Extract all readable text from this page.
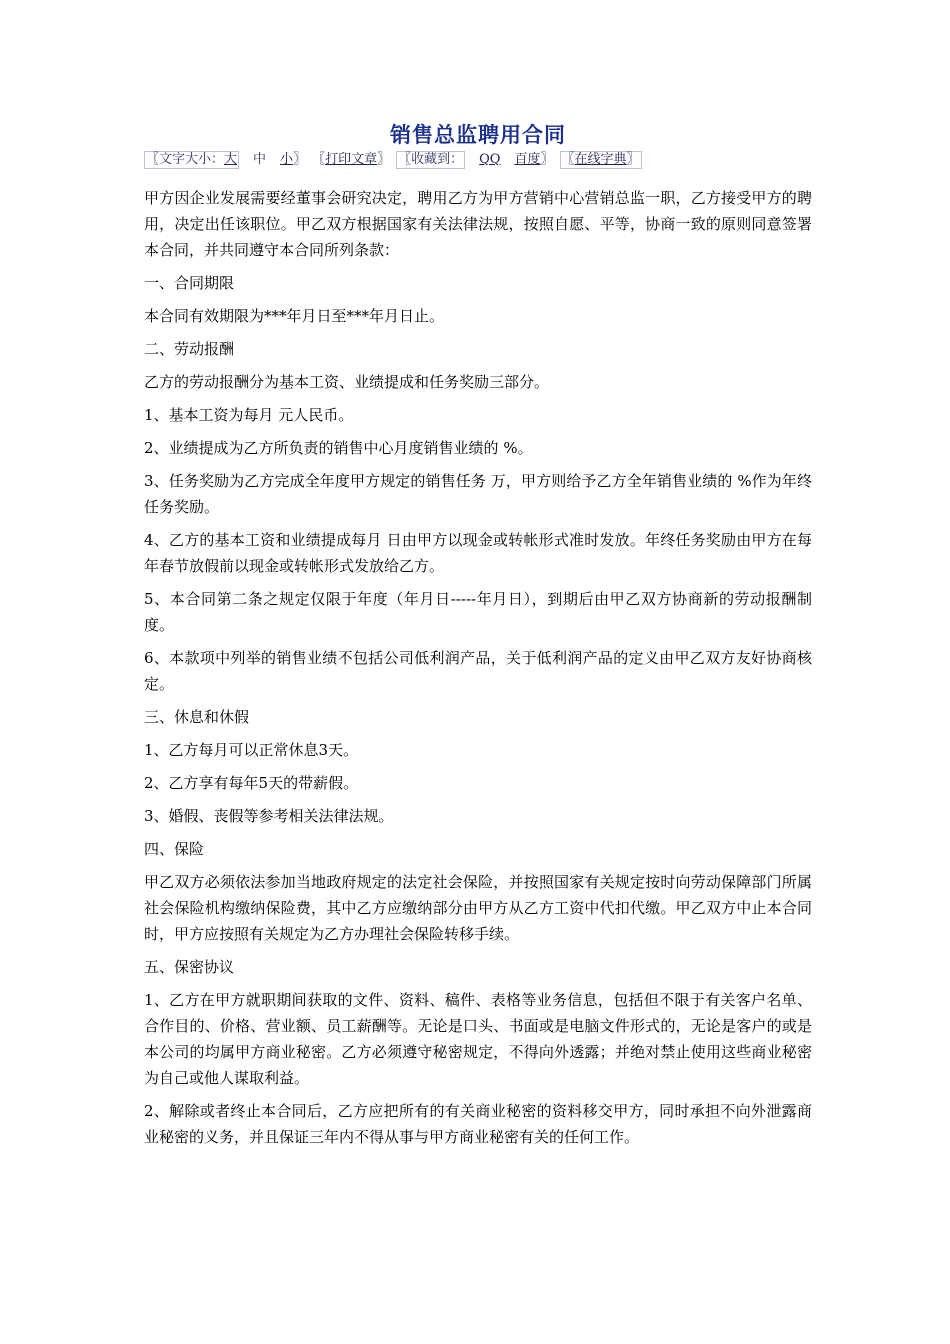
销售总监聘用合同
〖文字大小：大 中 小 〗 〖 打印文章 〗 〖收藏到： QQ 百度 〗 〖在线字典〗

甲方因企业发展需要经董事会研究决定，聘用乙方为甲方营销中心营销总监一职，乙方接受甲方的聘用，决定出任该职位。甲乙双方根据国家有关法律法规，按照自愿、平等，协商一致的原则同意签署本合同，并共同遵守本合同所列条款：

一、合同期限

本合同有效期限为***年月日至***年月日止。

二、劳动报酬

乙方的劳动报酬分为基本工资、业绩提成和任务奖励三部分。

1、基本工资为每月 元人民币。

2、业绩提成为乙方所负责的销售中心月度销售业绩的 %。

3、任务奖励为乙方完成全年度甲方规定的销售任务 万，甲方则给予乙方全年销售业绩的 %作为年终任务奖励。

4、乙方的基本工资和业绩提成每月 日由甲方以现金或转帐形式准时发放。年终任务奖励由甲方在每年春节放假前以现金或转帐形式发放给乙方。

5、本合同第二条之规定仅限于年度（年月日-----年月日），到期后由甲乙双方协商新的劳动报酬制度。

6、本款项中列举的销售业绩不包括公司低利润产品，关于低利润产品的定义由甲乙双方友好协商核定。

三、休息和休假

1、乙方每月可以正常休息3天。

2、乙方享有每年5天的带薪假。

3、婚假、丧假等参考相关法律法规。

四、保险

甲乙双方必须依法参加当地政府规定的法定社会保险，并按照国家有关规定按时向劳动保障部门所属社会保险机构缴纳保险费，其中乙方应缴纳部分由甲方从乙方工资中代扣代缴。甲乙双方中止本合同时，甲方应按照有关规定为乙方办理社会保险转移手续。

五、保密协议

1、乙方在甲方就职期间获取的文件、资料、稿件、表格等业务信息，包括但不限于有关客户名单、合作目的、价格、营业额、员工薪酬等。无论是口头、书面或是电脑文件形式的，无论是客户的或是本公司的均属甲方商业秘密。乙方必须遵守秘密规定，不得向外透露；并绝对禁止使用这些商业秘密为自己或他人谋取利益。

2、解除或者终止本合同后，乙方应把所有的有关商业秘密的资料移交甲方，同时承担不向外泄露商业秘密的义务，并且保证三年内不得从事与甲方商业秘密有关的任何工作。
